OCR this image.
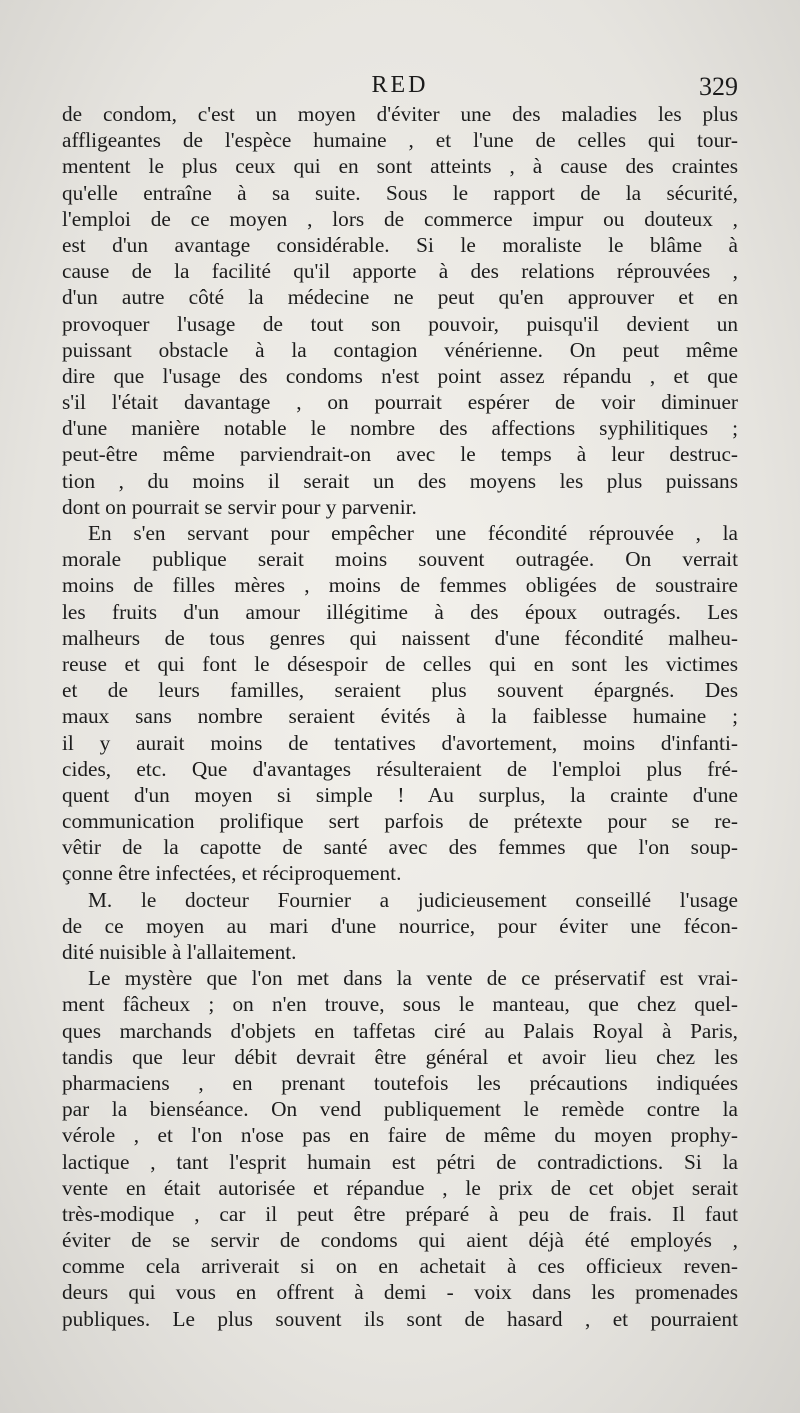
RED	329
de condom, c'est un moyen d'éviter une des maladies les plus
affligeantes de l'espèce humaine , et l'une de celles qui tour-
mentent le plus ceux qui en sont atteints , à cause des craintes
qu'elle entraîne à sa suite. Sous le rapport de la sécurité,
l'emploi de ce moyen , lors de commerce impur ou douteux ,
est d'un avantage considérable. Si le moraliste le blâme à
cause de la facilité qu'il apporte à des relations réprouvées ,
d'un autre côté la médecine ne peut qu'en approuver et en
provoquer l'usage de tout son pouvoir, puisqu'il devient un
puissant obstacle à la contagion vénérienne. On peut même
dire que l'usage des condoms n'est point assez répandu , et que
s'il l'était davantage , on pourrait espérer de voir diminuer
d'une manière notable le nombre des affections syphilitiques ;
peut-être même parviendrait-on avec le temps à leur destruc-
tion , du moins il serait un des moyens les plus puissans
dont on pourrait se servir pour y parvenir.
En s'en servant pour empêcher une fécondité réprouvée , la
morale publique serait moins souvent outragée. On verrait
moins de filles mères , moins de femmes obligées de soustraire
les fruits d'un amour illégitime à des époux outragés. Les
malheurs de tous genres qui naissent d'une fécondité malheu-
reuse et qui font le désespoir de celles qui en sont les victimes
et de leurs familles, seraient plus souvent épargnés. Des
maux sans nombre seraient évités à la faiblesse humaine ;
il y aurait moins de tentatives d'avortement, moins d'infanti-
cides, etc. Que d'avantages résulteraient de l'emploi plus fré-
quent d'un moyen si simple ! Au surplus, la crainte d'une
communication prolifique sert parfois de prétexte pour se re-
vêtir de la capotte de santé avec des femmes que l'on soup-
çonne être infectées, et réciproquement.
M. le docteur Fournier a judicieusement conseillé l'usage
de ce moyen au mari d'une nourrice, pour éviter une fécon-
dité nuisible à l'allaitement.
Le mystère que l'on met dans la vente de ce préservatif est vrai-
ment fâcheux ; on n'en trouve, sous le manteau, que chez quel-
ques marchands d'objets en taffetas ciré au Palais Royal à Paris,
tandis que leur débit devrait être général et avoir lieu chez les
pharmaciens , en prenant toutefois les précautions indiquées
par la bienséance. On vend publiquement le remède contre la
vérole , et l'on n'ose pas en faire de même du moyen prophy-
lactique , tant l'esprit humain est pétri de contradictions. Si la
vente en était autorisée et répandue , le prix de cet objet serait
très-modique , car il peut être préparé à peu de frais. Il faut
éviter de se servir de condoms qui aient déjà été employés ,
comme cela arriverait si on en achetait à ces officieux reven-
deurs qui vous en offrent à demi - voix dans les promenades
publiques. Le plus souvent ils sont de hasard , et pourraient
